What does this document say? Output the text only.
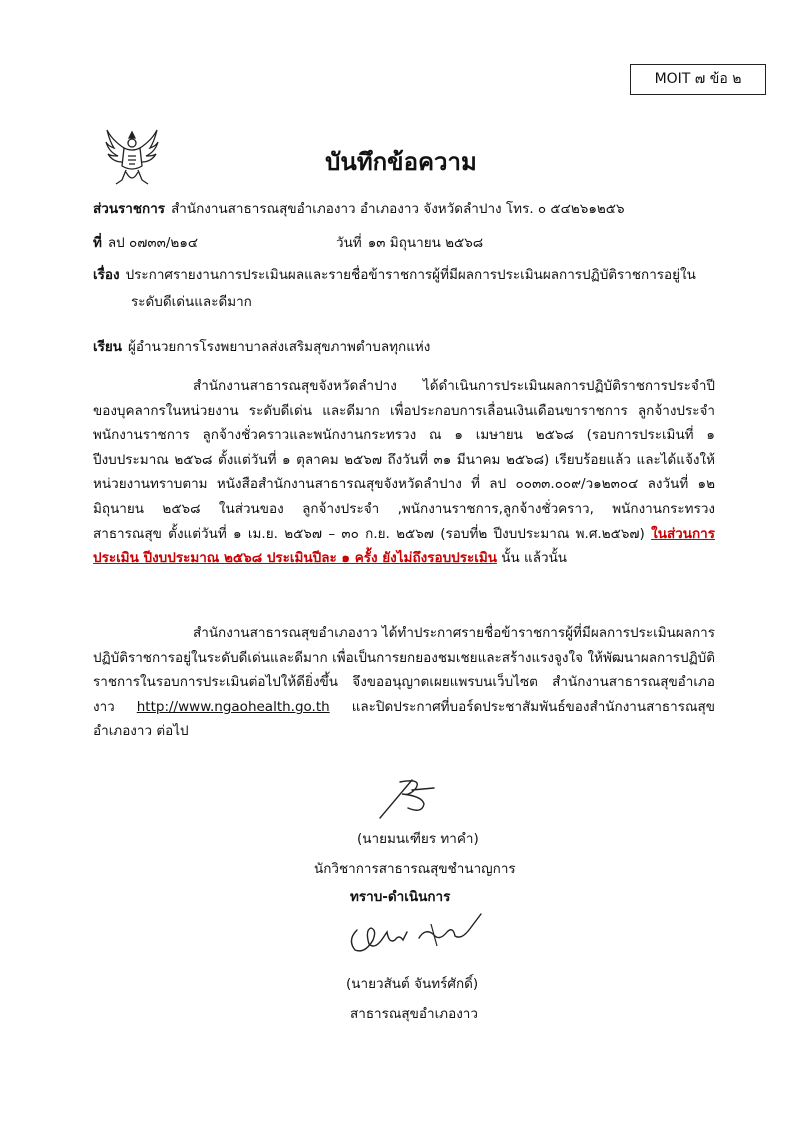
MOIT ๗ ข้อ ๒
บันทึกข้อความ
ส่วนราชการ สำนักงานสาธารณสุขอำเภองาว อำเภองาว จังหวัดลำปาง โทร. ๐ ๕๔๒๖๑๒๕๖
ที่ ลป ๐๗๓๓/๒๑๔	วันที่ ๑๓ มิถุนายน ๒๕๖๘
เรื่อง ประกาศรายงานการประเมินผลและรายชื่อข้าราชการผู้ที่มีผลการประเมินผลการปฏิบัติราชการอยู่ใน
ระดับดีเด่นและดีมาก
เรียน ผู้อำนวยการโรงพยาบาลส่งเสริมสุขภาพตำบลทุกแห่ง
สำนักงานสาธารณสุขจังหวัดลำปาง ได้ดำเนินการประเมินผลการปฏิบัติราชการประจำปีของบุคลากรในหน่วยงาน ระดับดีเด่น และดีมาก เพื่อประกอบการเลื่อนเงินเดือนขาราชการ ลูกจ้างประจำ พนักงานราชการ ลูกจ้างชั่วคราวและพนักงานกระทรวง ณ ๑ เมษายน ๒๕๖๘ (รอบการประเมินที่ ๑ ปีงบประมาณ ๒๕๖๘ ตั้งแต่วันที่ ๑ ตุลาคม ๒๕๖๗ ถึงวันที่ ๓๑ มีนาคม ๒๕๖๘) เรียบร้อยแล้ว และได้แจ้งให้หน่วยงานทราบตาม หนังสือสำนักงานสาธารณสุขจังหวัดลำปาง ที่ ลป ๐๐๓๓.๐๐๙/ว๑๒๓๐๔ ลงวันที่ ๑๒ มิถุนายน ๒๕๖๘ ในส่วนของ ลูกจ้างประจำ ,พนักงานราชการ,ลูกจ้างชั่วคราว, พนักงานกระทรวง สาธารณสุข ตั้งแต่วันที่ ๑ เม.ย. ๒๕๖๗ – ๓๐ ก.ย. ๒๕๖๗ (รอบที่๒ ปีงบประมาณ พ.ศ.๒๕๖๗) ในส่วนการประเมิน ปีงบประมาณ ๒๕๖๘ ประเมินปีละ ๑ ครั้ง ยังไม่ถึงรอบประเมิน นั้น แล้วนั้น
สำนักงานสาธารณสุขอำเภองาว ได้ทำประกาศรายชื่อข้าราชการผู้ที่มีผลการประเมินผลการปฏิบัติราชการอยู่ในระดับดีเด่นและดีมาก เพื่อเป็นการยกยองชมเชยและสร้างแรงจูงใจ ให้พัฒนาผลการปฏิบัติราชการในรอบการประเมินต่อไปให้ดียิ่งขึ้น จึงขออนุญาตเผยแพรบนเว็บไซต สำนักงานสาธารณสุขอำเภองาว http://www.ngaohealth.go.th และปิดประกาศที่บอร์ดประชาสัมพันธ์ของสำนักงานสาธารณสุขอำเภองาว ต่อไป
(นายมนเฑียร ทาคำ)
นักวิชาการสาธารณสุขชำนาญการ
ทราบ-ดำเนินการ
(นายวสันต์ จันทร์ศักดิ์)
สาธารณสุขอำเภองาว
